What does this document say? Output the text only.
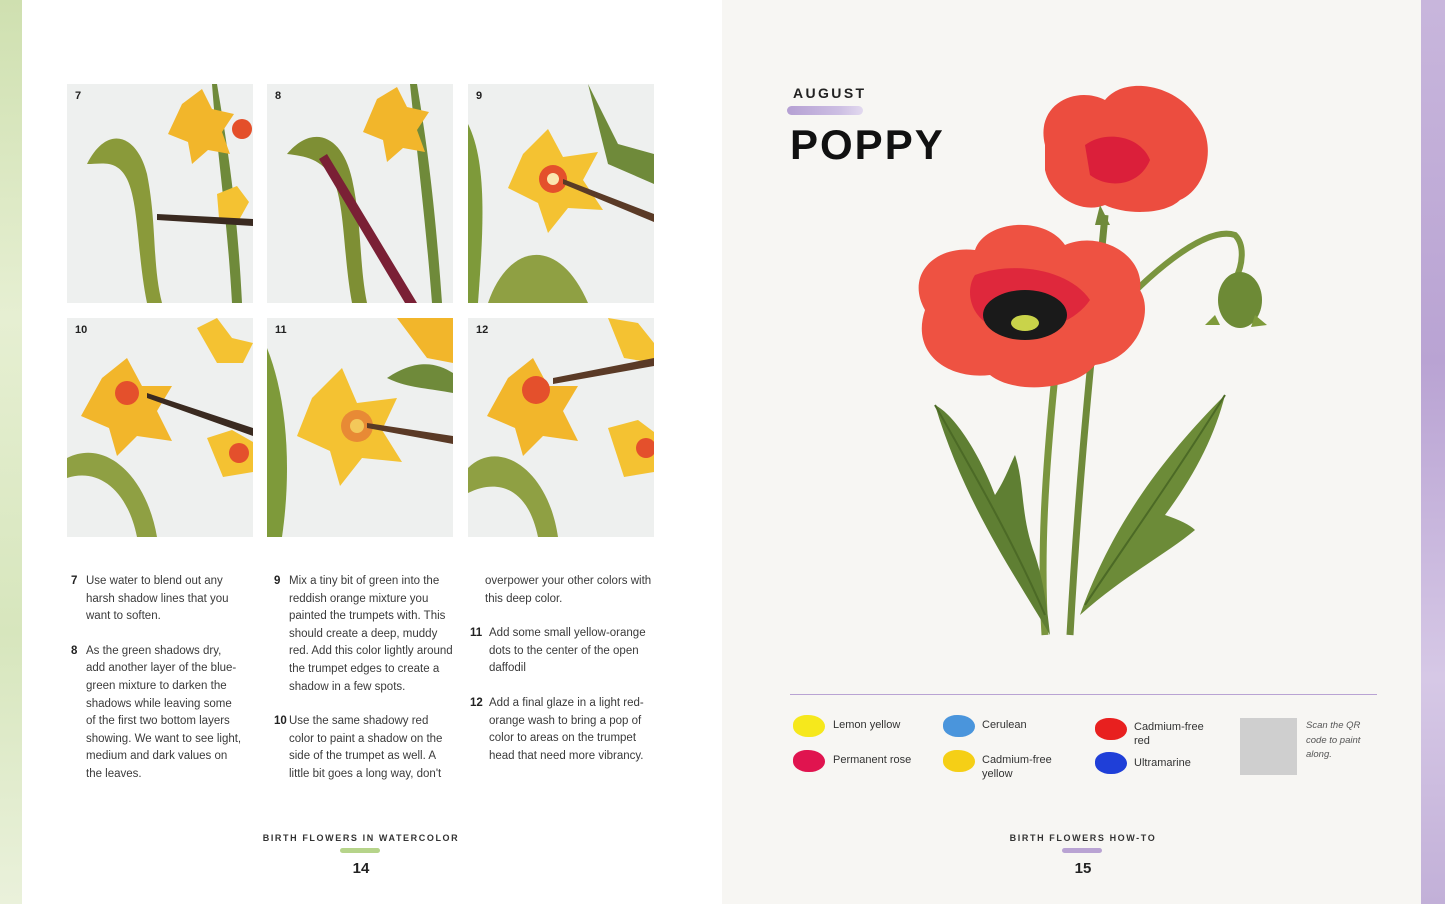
7	8	9
10	11	12
7 Use water to blend out any harsh shadow lines that you want to soften.
8 As the green shadows dry, add another layer of the blue-green mixture to darken the shadows while leaving some of the first two bottom layers showing. We want to see light, medium and dark values on the leaves.
9 Mix a tiny bit of green into the reddish orange mixture you painted the trumpets with. This should create a deep, muddy red. Add this color lightly around the trumpet edges to create a shadow in a few spots.
10 Use the same shadowy red color to paint a shadow on the side of the trumpet as well. A little bit goes a long way, don't
overpower your other colors with this deep color.
11 Add some small yellow-orange dots to the center of the open daffodil
12 Add a final glaze in a light red-orange wash to bring a pop of color to areas on the trumpet head that need more vibrancy.
BIRTH FLOWERS IN WATERCOLOR
14
AUGUST
POPPY
Lemon yellow
Permanent rose
Cerulean
Cadmium-free yellow
Cadmium-free red
Ultramarine
Scan the QR code to paint along.
BIRTH FLOWERS HOW-TO
15
